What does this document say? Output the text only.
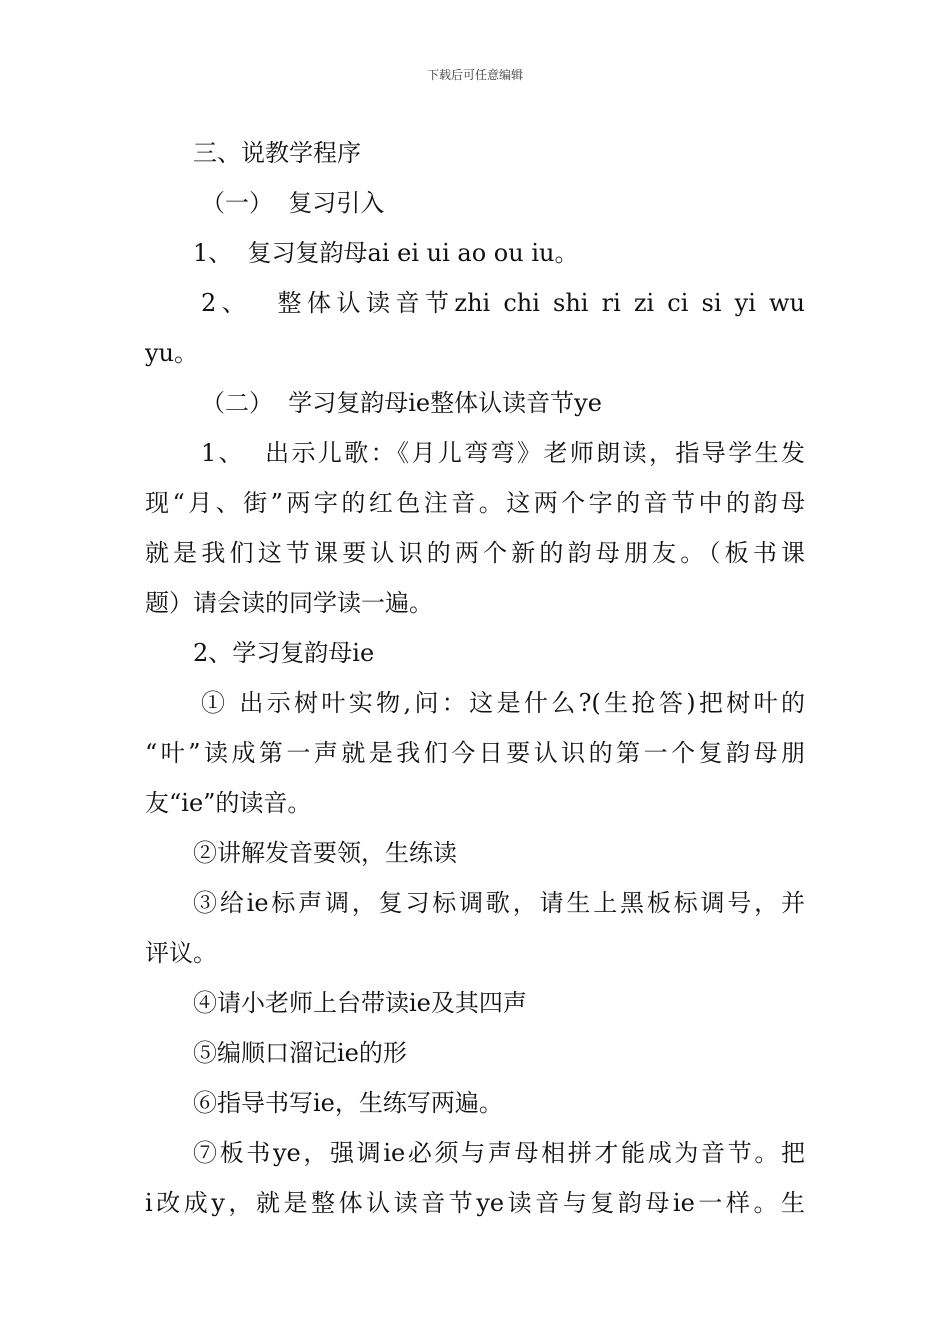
下载后可任意编辑
三、说教学程序
（一）  复习引入
1、  复习复韵母ai ei ui ao ou iu。
2、  整体认读音节zhi chi shi ri zi ci si yi wu
yu。
（二）  学习复韵母ie整体认读音节ye
1、  出示儿歌：《月儿弯弯》老师朗读，指导学生发
现“月、街”两字的红色注音。这两个字的音节中的韵母
就是我们这节课要认识的两个新的韵母朋友。（板书课
题）请会读的同学读一遍。
2、学习复韵母ie
① 出示树叶实物,问：这是什么?(生抢答)把树叶的
“叶”读成第一声就是我们今日要认识的第一个复韵母朋
友“ie”的读音。
②讲解发音要领，生练读
③给ie标声调，复习标调歌，请生上黑板标调号，并
评议。
④请小老师上台带读ie及其四声
⑤编顺口溜记ie的形
⑥指导书写ie，生练写两遍。
⑦板书ye，强调ie必须与声母相拼才能成为音节。把
i改成y，就是整体认读音节ye读音与复韵母ie一样。生
